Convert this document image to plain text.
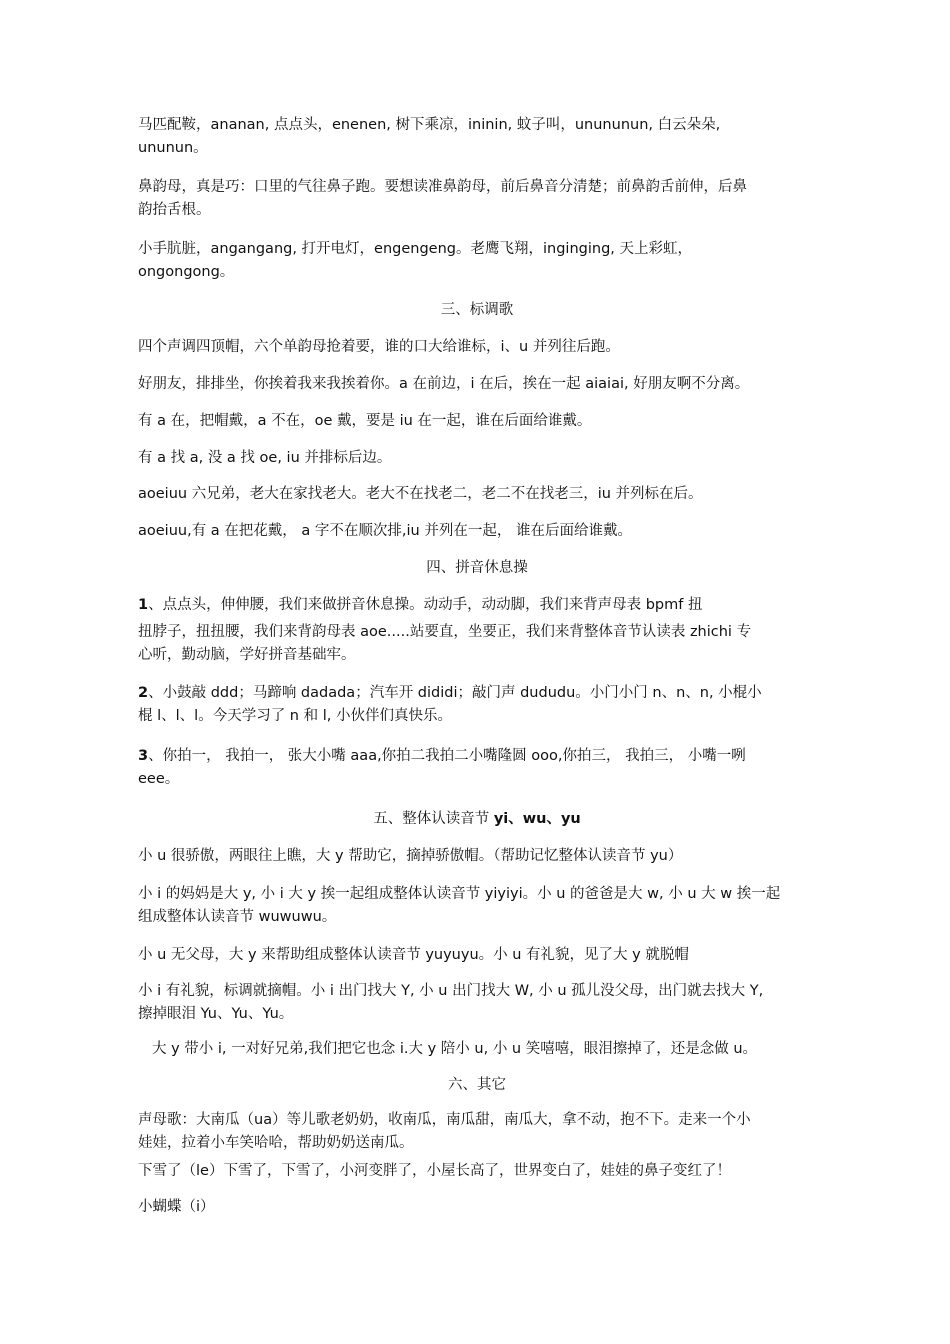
马匹配鞍，ananan, 点点头，enenen, 树下乘凉，ininin, 蚊子叫，unununun, 白云朵朵,
ununun。

鼻韵母，真是巧：口里的气往鼻子跑。要想读准鼻韵母，前后鼻音分清楚；前鼻韵舌前伸，后鼻
韵抬舌根。

小手肮脏，angangang, 打开电灯，engengeng。老鹰飞翔，inginging, 天上彩虹，
ongongong。

三、标调歌

四个声调四顶帽，六个单韵母抢着要，谁的口大给谁标，i、u 并列往后跑。

好朋友，排排坐，你挨着我来我挨着你。a 在前边，i 在后，挨在一起 aiaiai, 好朋友啊不分离。

有 a 在，把帽戴，a 不在，oe 戴，要是 iu 在一起，谁在后面给谁戴。

有 a 找 a, 没 a 找 oe, iu 并排标后边。

aoeiuu 六兄弟，老大在家找老大。老大不在找老二，老二不在找老三，iu 并列标在后。

aoeiuu,有 a 在把花戴， a 字不在顺次排,iu 并列在一起， 谁在后面给谁戴。

四、拼音休息操

1、点点头，伸伸腰，我们来做拼音休息操。动动手，动动脚，我们来背声母表 bpmf 扭

扭脖子，扭扭腰，我们来背韵母表 aoe.....站要直，坐要正，我们来背整体音节认读表 zhichi 专
心听，勤动脑，学好拼音基础牢。

2、小鼓敲 ddd；马蹄响 dadada；汽车开 dididi；敲门声 dududu。小门小门 n、n、n, 小棍小
棍 l、l、l。今天学习了 n 和 l, 小伙伴们真快乐。

3、你拍一， 我拍一， 张大小嘴 aaa,你拍二我拍二小嘴隆圆 ooo,你拍三， 我拍三， 小嘴一咧
eee。

五、整体认读音节 yi、wu、yu

小 u 很骄傲，两眼往上瞧，大 y 帮助它，摘掉骄傲帽。（帮助记忆整体认读音节 yu）

小 i 的妈妈是大 y, 小 i 大 y 挨一起组成整体认读音节 yiyiyi。小 u 的爸爸是大 w, 小 u 大 w 挨一起
组成整体认读音节 wuwuwu。

小 u 无父母，大 y 来帮助组成整体认读音节 yuyuyu。小 u 有礼貌，见了大 y 就脱帽

小 i 有礼貌，标调就摘帽。小 i 出门找大 Y, 小 u 出门找大 W, 小 u 孤儿没父母，出门就去找大 Y,
擦掉眼泪 Yu、Yu、Yu。

大 y 带小 i, 一对好兄弟,我们把它也念 i.大 y 陪小 u, 小 u 笑嘻嘻，眼泪擦掉了，还是念做 u。

六、其它

声母歌：大南瓜（ua）等儿歌老奶奶，收南瓜，南瓜甜，南瓜大，拿不动，抱不下。走来一个小
娃娃，拉着小车笑哈哈，帮助奶奶送南瓜。

下雪了（le）下雪了，下雪了，小河变胖了，小屋长高了，世界变白了，娃娃的鼻子变红了！

小蝴蝶（i）
